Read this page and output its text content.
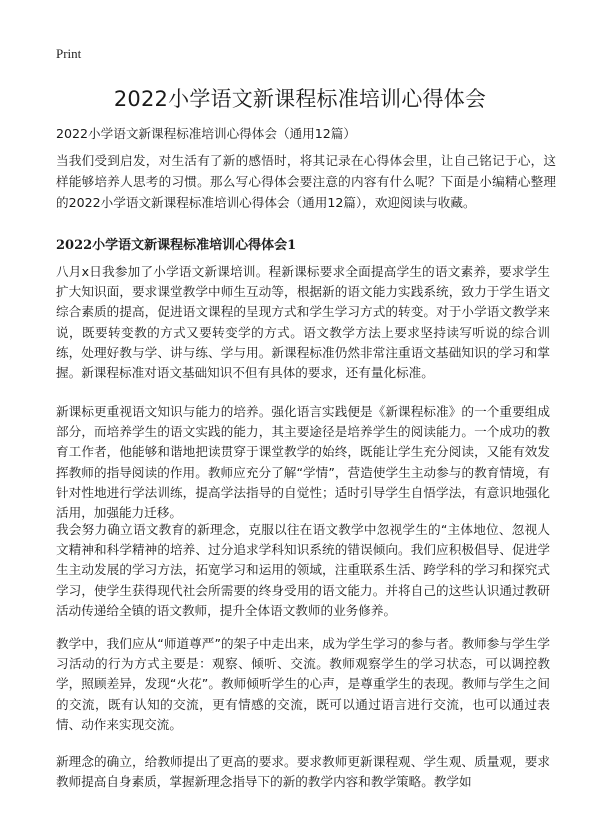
Print
2022小学语文新课程标准培训心得体会

2022小学语文新课程标准培训心得体会（通用12篇）

当我们受到启发，对生活有了新的感悟时，将其记录在心得体会里，让自己铭记于心，这样能够培养人思考的习惯。那么写心得体会要注意的内容有什么呢？下面是小编精心整理的2022小学语文新课程标准培训心得体会（通用12篇），欢迎阅读与收藏。

2022小学语文新课程标准培训心得体会1

八月x日我参加了小学语文新课培训。程新课标要求全面提高学生的语文素养，要求学生扩大知识面，要求课堂教学中师生互动等，根据新的语文能力实践系统，致力于学生语文综合素质的提高，促进语文课程的呈现方式和学生学习方式的转变。对于小学语文教学来说，既要转变教的方式又要转变学的方式。语文教学方法上要求坚持读写听说的综合训练，处理好教与学、讲与练、学与用。新课程标准仍然非常注重语文基础知识的学习和掌握。新课程标准对语文基础知识不但有具体的要求，还有量化标准。

新课标更重视语文知识与能力的培养。强化语言实践便是《新课程标准》的一个重要组成部分，而培养学生的语文实践的能力，其主要途径是培养学生的阅读能力。一个成功的教育工作者，他能够和谐地把读贯穿于课堂教学的始终，既能让学生充分阅读，又能有效发挥教师的指导阅读的作用。教师应充分了解“学情”，营造使学生主动参与的教育情境，有针对性地进行学法训练，提高学法指导的自觉性；适时引导学生自悟学法，有意识地强化活用，加强能力迁移。

我会努力确立语文教育的新理念，克服以往在语文教学中忽视学生的“主体地位、忽视人文精神和科学精神的培养、过分追求学科知识系统的错误倾向。我们应积极倡导、促进学生主动发展的学习方法，拓宽学习和运用的领域，注重联系生活、跨学科的学习和探究式学习，使学生获得现代社会所需要的终身受用的语文能力。并将自己的这些认识通过教研活动传递给全镇的语文教师，提升全体语文教师的业务修养。

教学中，我们应从“师道尊严”的架子中走出来，成为学生学习的参与者。教师参与学生学习活动的行为方式主要是：观察、倾听、交流。教师观察学生的学习状态，可以调控教学，照顾差异，发现“火花”。教师倾听学生的心声，是尊重学生的表现。教师与学生之间的交流，既有认知的交流，更有情感的交流，既可以通过语言进行交流，也可以通过表情、动作来实现交流。

新理念的确立，给教师提出了更高的要求。要求教师更新课程观、学生观、质量观，要求教师提高自身素质，掌握新理念指导下的新的教学内容和教学策略。教学如
